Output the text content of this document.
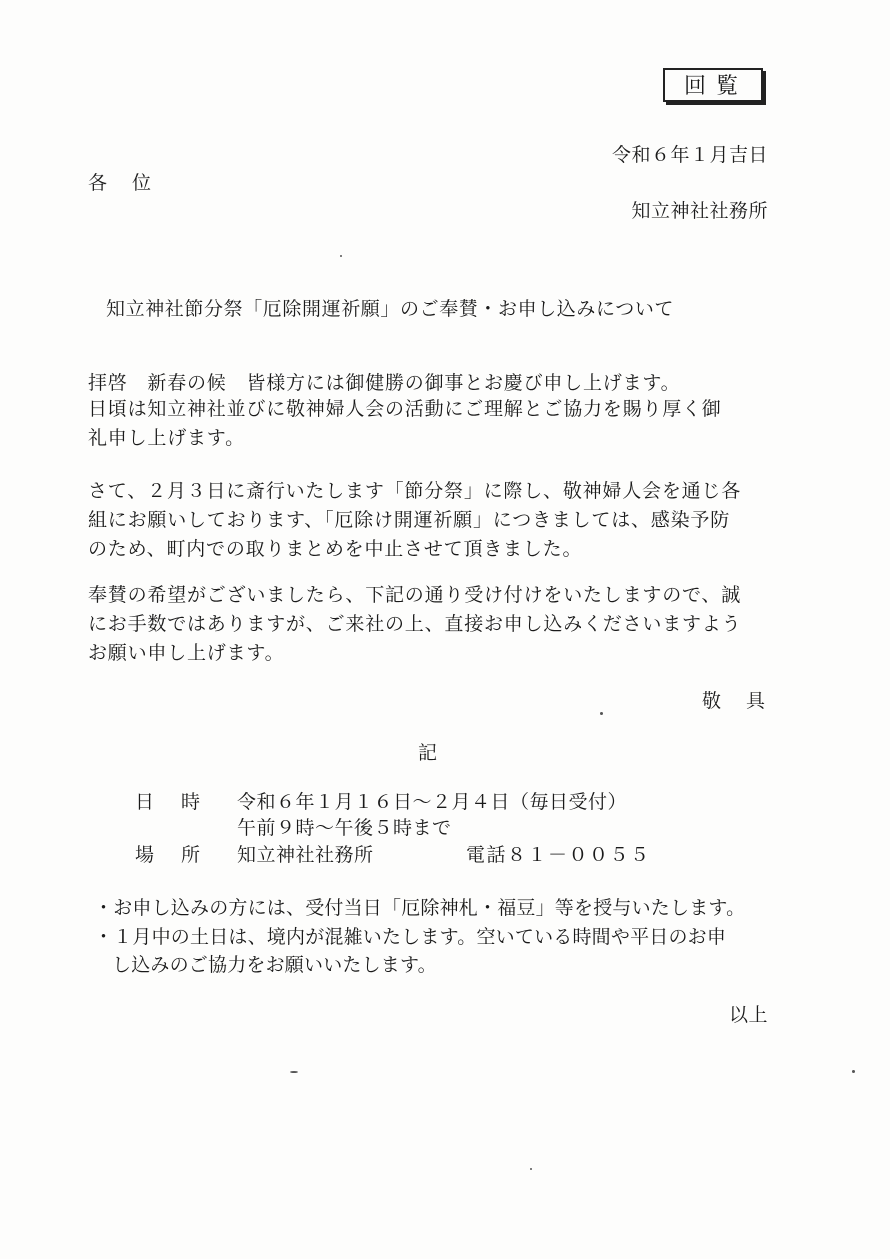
回覧
令和６年１月吉日
各　位
知立神社社務所
知立神社節分祭「厄除開運祈願」のご奉賛・お申し込みについて
拝啓　新春の候　皆様方には御健勝の御事とお慶び申し上げます。
日頃は知立神社並びに敬神婦人会の活動にご理解とご協力を賜り厚く御
礼申し上げます。
さて、２月３日に斎行いたします「節分祭」に際し、敬神婦人会を通じ各
組にお願いしております、「厄除け開運祈願」につきましては、感染予防
のため、町内での取りまとめを中止させて頂きました。
奉賛の希望がございましたら、下記の通り受け付けをいたしますので、誠
にお手数ではありますが、ご来社の上、直接お申し込みくださいますよう
お願い申し上げます。
敬　具
記
日　時 令和６年１月１６日～２月４日（毎日受付）
午前９時～午後５時まで
場　所 知立神社社務所	電話８１－００５５
・お申し込みの方には、受付当日「厄除神札・福豆」等を授与いたします。
・１月中の土日は、境内が混雑いたします。空いている時間や平日のお申
し込みのご協力をお願いいたします。
以上
